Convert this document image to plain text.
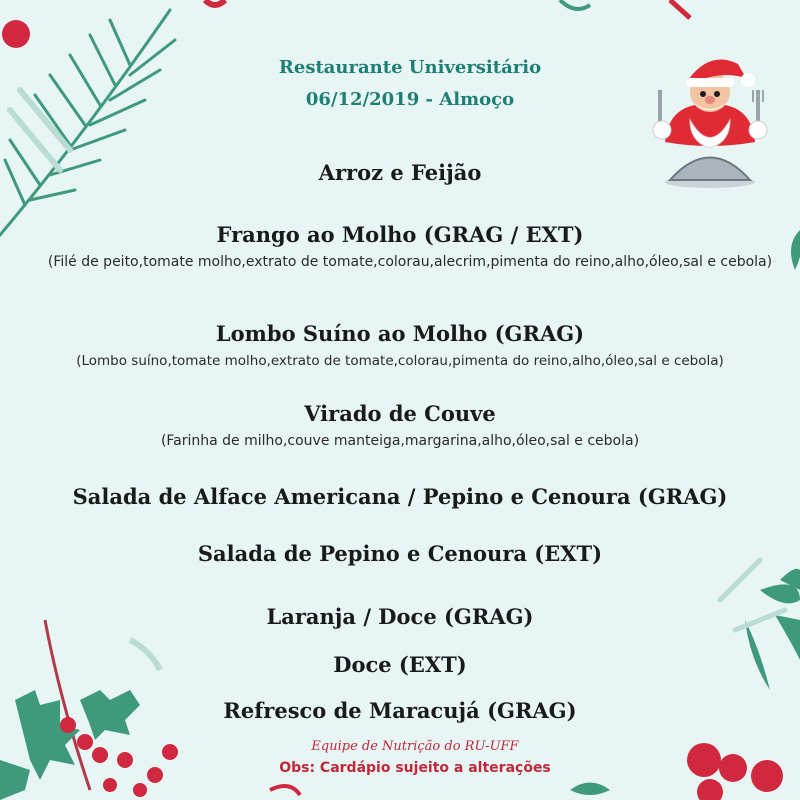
Restaurante Universitário
06/12/2019 - Almoço
Arroz e Feijão
Frango ao Molho (GRAG / EXT)
(Filé de peito,tomate molho,extrato de tomate,colorau,alecrim,pimenta do reino,alho,óleo,sal e cebola)
Lombo Suíno ao Molho (GRAG)
(Lombo suíno,tomate molho,extrato de tomate,colorau,pimenta do reino,alho,óleo,sal e cebola)
Virado de Couve
(Farinha de milho,couve manteiga,margarina,alho,óleo,sal e cebola)
Salada de Alface Americana / Pepino e Cenoura (GRAG)
Salada de Pepino e Cenoura (EXT)
Laranja / Doce (GRAG)
Doce (EXT)
Refresco de Maracujá (GRAG)
Equipe de Nutrição do RU-UFF
Obs: Cardápio sujeito a alterações
